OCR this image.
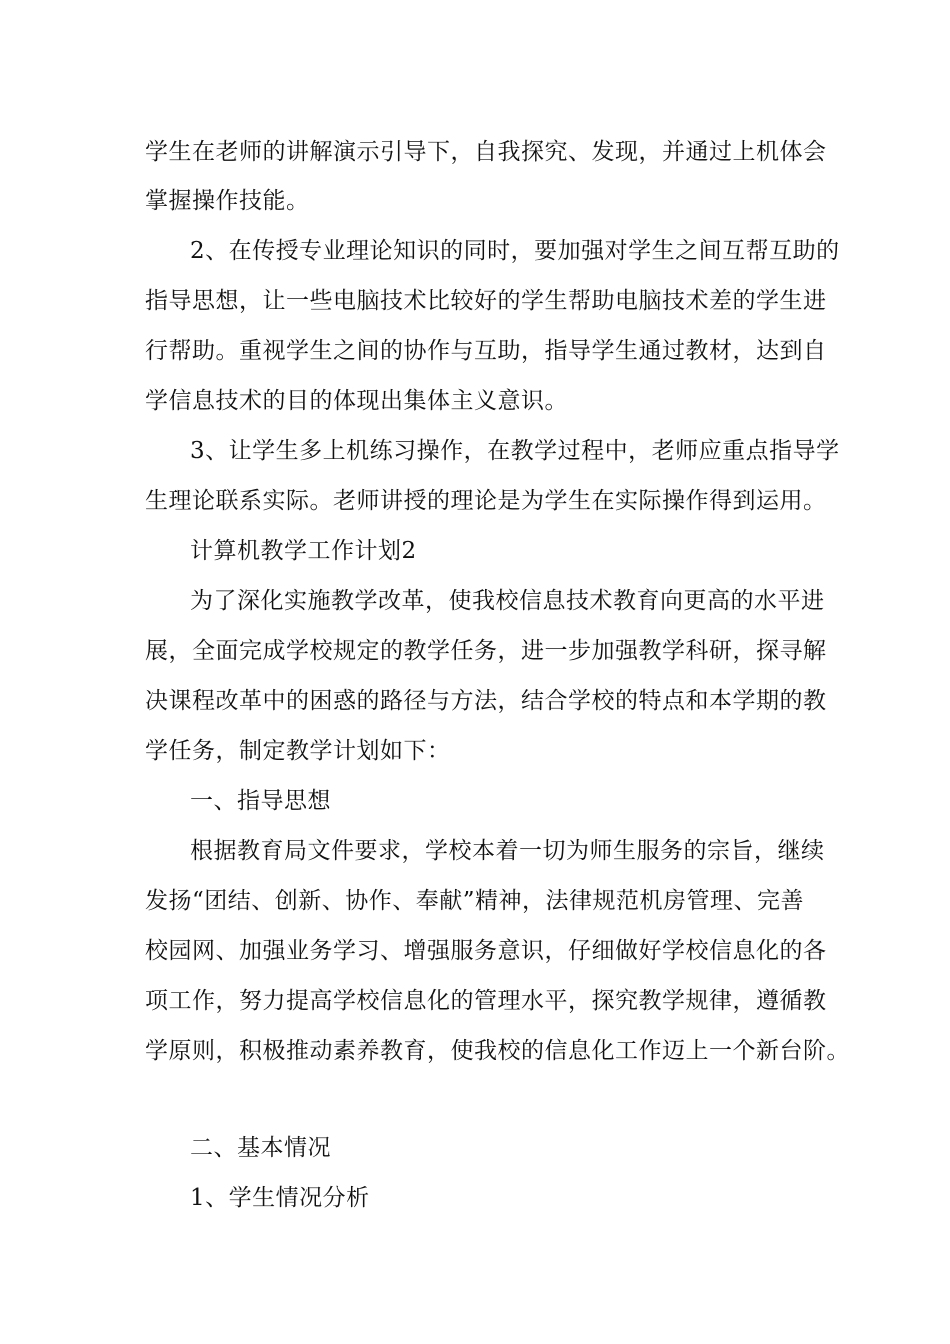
学生在老师的讲解演示引导下，自我探究、发现，并通过上机体会
掌握操作技能。
2、在传授专业理论知识的同时，要加强对学生之间互帮互助的
指导思想，让一些电脑技术比较好的学生帮助电脑技术差的学生进
行帮助。重视学生之间的协作与互助，指导学生通过教材，达到自
学信息技术的目的体现出集体主义意识。
3、让学生多上机练习操作，在教学过程中，老师应重点指导学
生理论联系实际。老师讲授的理论是为学生在实际操作得到运用。
计算机教学工作计划2
为了深化实施教学改革，使我校信息技术教育向更高的水平进
展，全面完成学校规定的教学任务，进一步加强教学科研，探寻解
决课程改革中的困惑的路径与方法，结合学校的特点和本学期的教
学任务，制定教学计划如下：
一、指导思想
根据教育局文件要求，学校本着一切为师生服务的宗旨，继续
发扬“团结、创新、协作、奉献”精神，法律规范机房管理、完善
校园网、加强业务学习、增强服务意识，仔细做好学校信息化的各
项工作，努力提高学校信息化的管理水平，探究教学规律，遵循教
学原则，积极推动素养教育，使我校的信息化工作迈上一个新台阶。
二、基本情况
1、学生情况分析
